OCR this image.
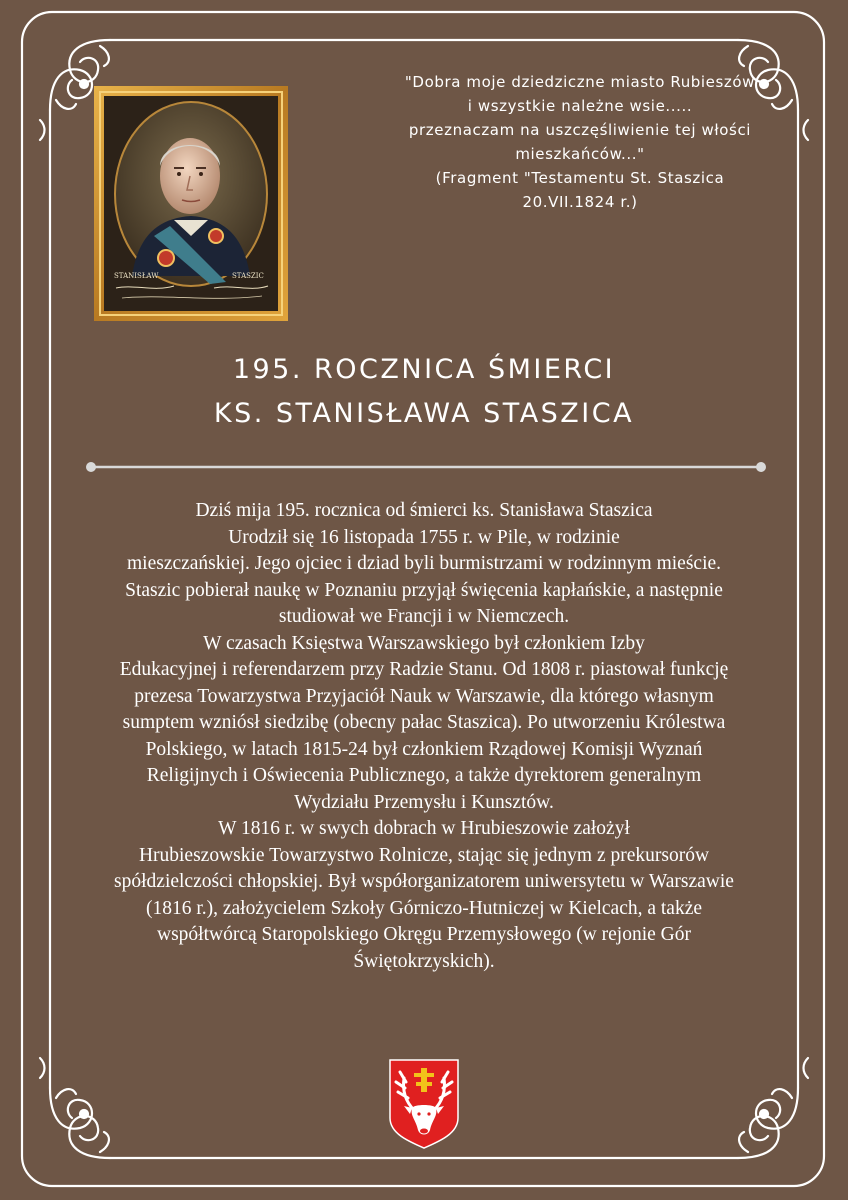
STANISŁAW	STASZIC
"Dobra moje dziedziczne miasto Rubieszów
i wszystkie należne wsie.....
przeznaczam na uszczęśliwienie tej włości
mieszkańców..."
(Fragment "Testamentu St. Staszica
20.VII.1824 r.)
195. ROCZNICA ŚMIERCI
KS. STANISŁAWA STASZICA
Dziś mija 195. rocznica od śmierci ks. Stanisława Staszica
Urodził się 16 listopada 1755 r. w Pile, w rodzinie
mieszczańskiej. Jego ojciec i dziad byli burmistrzami w rodzinnym mieście.
Staszic pobierał naukę w Poznaniu przyjął święcenia kapłańskie, a następnie
studiował we Francji i w Niemczech.
W czasach Księstwa Warszawskiego był członkiem Izby
Edukacyjnej i referendarzem przy Radzie Stanu. Od 1808 r. piastował funkcję
prezesa Towarzystwa Przyjaciół Nauk w Warszawie, dla którego własnym
sumptem wzniósł siedzibę (obecny pałac Staszica). Po utworzeniu Królestwa
Polskiego, w latach 1815-24 był członkiem Rządowej Komisji Wyznań
Religijnych i Oświecenia Publicznego, a także dyrektorem generalnym
Wydziału Przemysłu i Kunsztów.
W 1816 r. w swych dobrach w Hrubieszowie założył
Hrubieszowskie Towarzystwo Rolnicze, stając się jednym z prekursorów
spółdzielczości chłopskiej. Był współorganizatorem uniwersytetu w Warszawie
(1816 r.), założycielem Szkoły Górniczo-Hutniczej w Kielcach, a także
współtwórcą Staropolskiego Okręgu Przemysłowego (w rejonie Gór
Świętokrzyskich).
